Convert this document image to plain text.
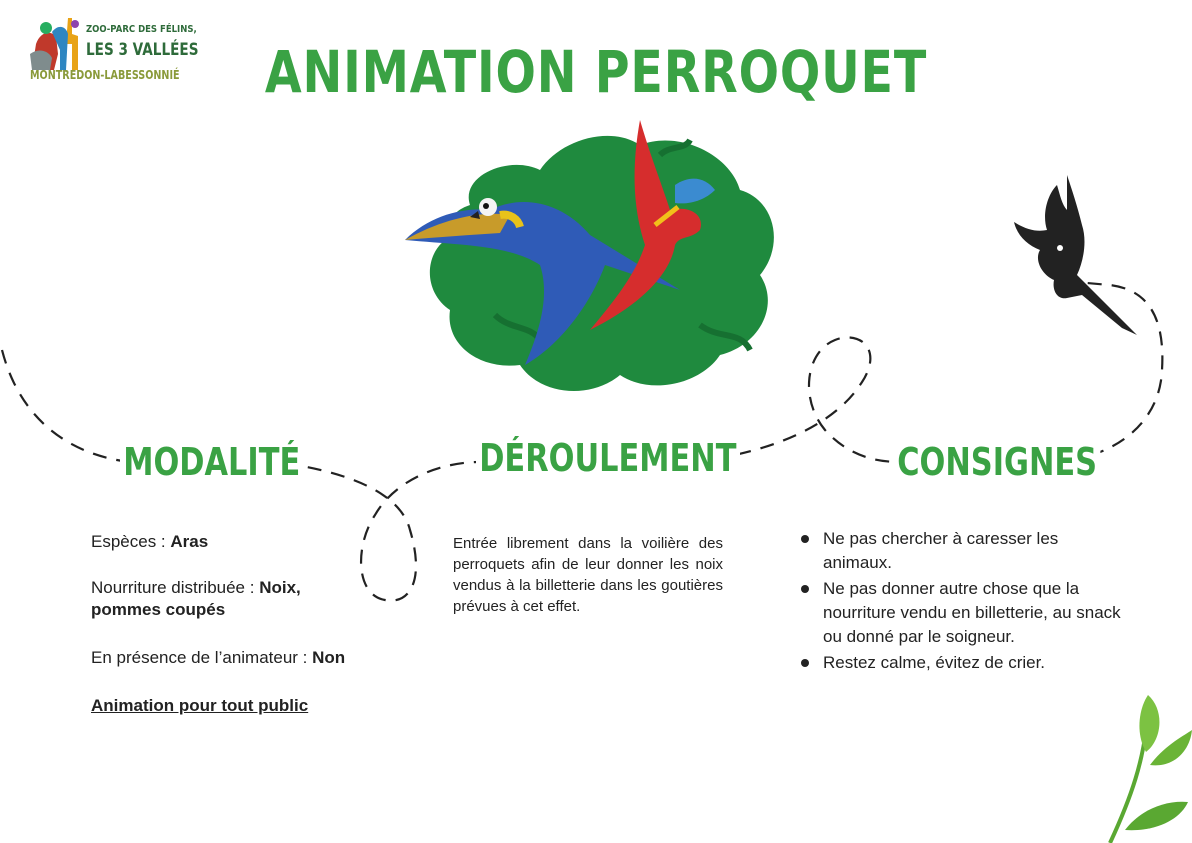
ZOO-PARC DES FÉLINS,
LES 3 VALLÉES
MONTREDON-LABESSONNIÉ	ANIMATION PERROQUET
MODALITÉ	DÉROULEMENT	CONSIGNES

Espèces : Aras

Nourriture distribuée : Noix, pommes coupés

En présence de l’animateur : Non

Animation pour tout public

Entrée librement dans la voilière des perroquets afin de leur donner les noix vendus à la billetterie dans les goutières prévues à cet effet.

Ne pas chercher à caresser les animaux.
Ne pas donner autre chose que la nourriture vendu en billetterie, au snack ou donné par le soigneur.
Restez calme, évitez de crier.
